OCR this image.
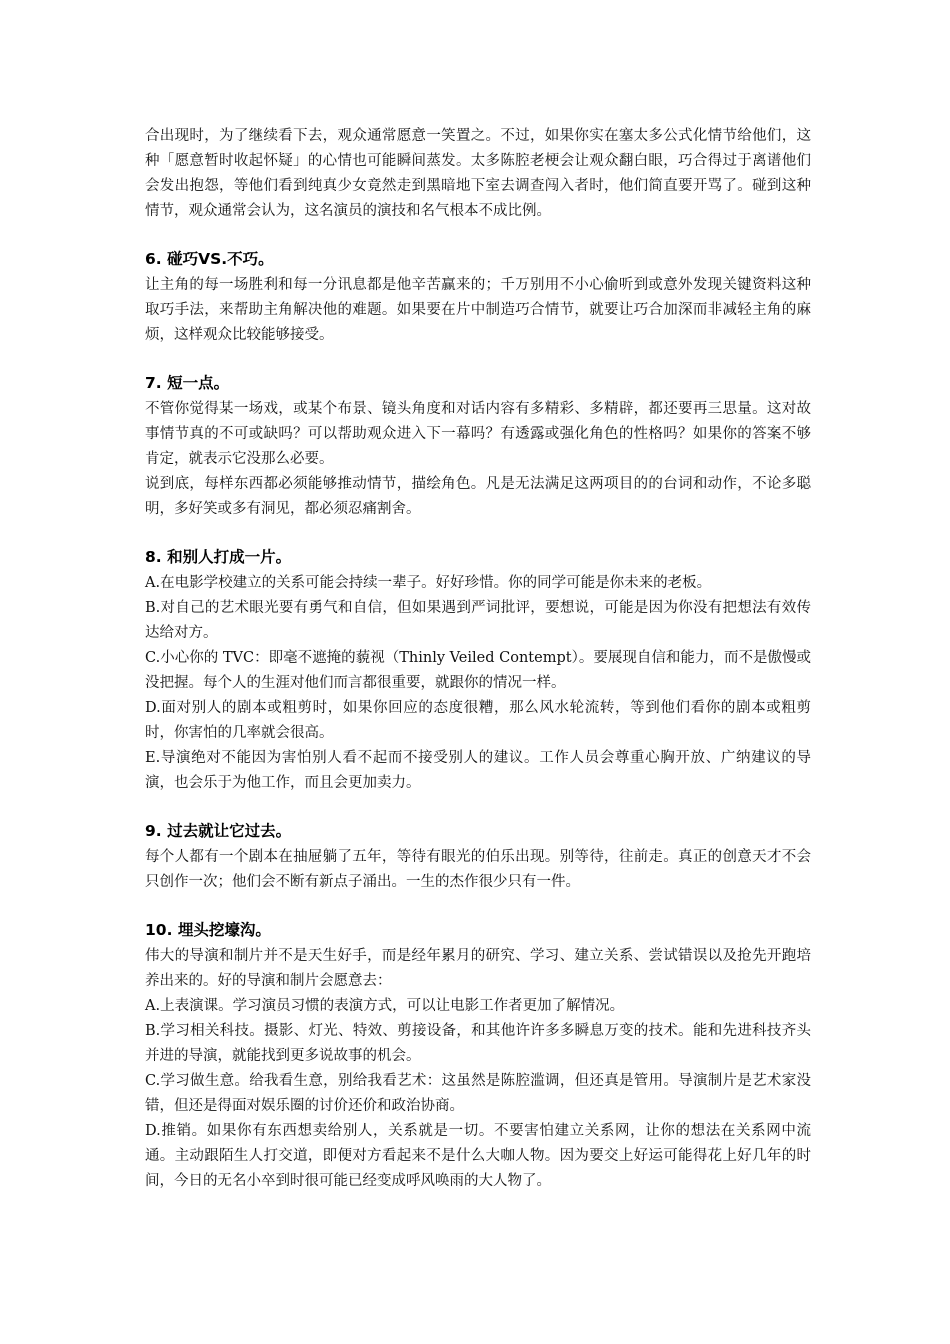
合出现时，为了继续看下去，观众通常愿意一笑置之。不过，如果你实在塞太多公式化情节给他们，这种「愿意暂时收起怀疑」的心情也可能瞬间蒸发。太多陈腔老梗会让观众翻白眼，巧合得过于离谱他们会发出抱怨，等他们看到纯真少女竟然走到黑暗地下室去调查闯入者时，他们简直要开骂了。碰到这种情节，观众通常会认为，这名演员的演技和名气根本不成比例。

6. 碰巧VS.不巧。

让主角的每一场胜利和每一分讯息都是他辛苦赢来的；千万别用不小心偷听到或意外发现关键资料这种取巧手法，来帮助主角解决他的难题。如果要在片中制造巧合情节，就要让巧合加深而非减轻主角的麻烦，这样观众比较能够接受。

7. 短一点。

不管你觉得某一场戏，或某个布景、镜头角度和对话内容有多精彩、多精辟，都还要再三思量。这对故事情节真的不可或缺吗？可以帮助观众进入下一幕吗？有透露或强化角色的性格吗？如果你的答案不够肯定，就表示它没那么必要。

说到底，每样东西都必须能够推动情节，描绘角色。凡是无法满足这两项目的的台词和动作，不论多聪明，多好笑或多有洞见，都必须忍痛割舍。

8. 和别人打成一片。

A.在电影学校建立的关系可能会持续一辈子。好好珍惜。你的同学可能是你未来的老板。

B.对自己的艺术眼光要有勇气和自信，但如果遇到严词批评，要想说，可能是因为你没有把想法有效传达给对方。

C.小心你的 TVC：即毫不遮掩的藐视（Thinly Veiled Contempt）。要展现自信和能力，而不是傲慢或没把握。每个人的生涯对他们而言都很重要，就跟你的情况一样。

D.面对别人的剧本或粗剪时，如果你回应的态度很糟，那么风水轮流转，等到他们看你的剧本或粗剪时，你害怕的几率就会很高。

E.导演绝对不能因为害怕别人看不起而不接受别人的建议。工作人员会尊重心胸开放、广纳建议的导演，也会乐于为他工作，而且会更加卖力。

9. 过去就让它过去。

每个人都有一个剧本在抽屉躺了五年，等待有眼光的伯乐出现。别等待，往前走。真正的创意天才不会只创作一次；他们会不断有新点子涌出。一生的杰作很少只有一件。

10. 埋头挖壕沟。

伟大的导演和制片并不是天生好手，而是经年累月的研究、学习、建立关系、尝试错误以及抢先开跑培养出来的。好的导演和制片会愿意去：

A.上表演课。学习演员习惯的表演方式，可以让电影工作者更加了解情况。

B.学习相关科技。摄影、灯光、特效、剪接设备，和其他许许多多瞬息万变的技术。能和先进科技齐头并进的导演，就能找到更多说故事的机会。

C.学习做生意。给我看生意，别给我看艺术：这虽然是陈腔滥调，但还真是管用。导演制片是艺术家没错，但还是得面对娱乐圈的讨价还价和政治协商。

D.推销。如果你有东西想卖给别人，关系就是一切。不要害怕建立关系网，让你的想法在关系网中流通。主动跟陌生人打交道，即便对方看起来不是什么大咖人物。因为要交上好运可能得花上好几年的时间，今日的无名小卒到时很可能已经变成呼风唤雨的大人物了。
